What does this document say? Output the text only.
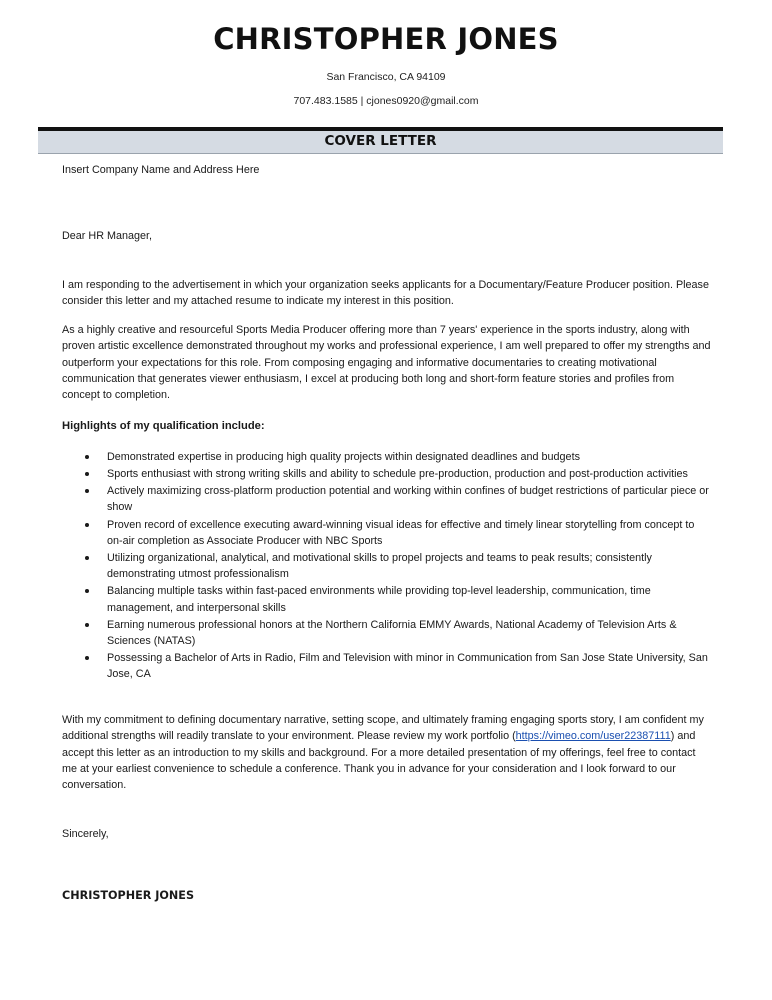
CHRISTOPHER JONES
San Francisco, CA 94109
707.483.1585 | cjones0920@gmail.com
COVER LETTER
Insert Company Name and Address Here
Dear HR Manager,
I am responding to the advertisement in which your organization seeks applicants for a Documentary/Feature Producer position. Please consider this letter and my attached resume to indicate my interest in this position.
As a highly creative and resourceful Sports Media Producer offering more than 7 years' experience in the sports industry, along with proven artistic excellence demonstrated throughout my works and professional experience, I am well prepared to offer my strengths and outperform your expectations for this role. From composing engaging and informative documentaries to creating motivational communication that generates viewer enthusiasm, I excel at producing both long and short-form feature stories and profiles from concept to completion.
Highlights of my qualification include:
Demonstrated expertise in producing high quality projects within designated deadlines and budgets
Sports enthusiast with strong writing skills and ability to schedule pre-production, production and post-production activities
Actively maximizing cross-platform production potential and working within confines of budget restrictions of particular piece or show
Proven record of excellence executing award-winning visual ideas for effective and timely linear storytelling from concept to on-air completion as Associate Producer with NBC Sports
Utilizing organizational, analytical, and motivational skills to propel projects and teams to peak results; consistently demonstrating utmost professionalism
Balancing multiple tasks within fast-paced environments while providing top-level leadership, communication, time management, and interpersonal skills
Earning numerous professional honors at the Northern California EMMY Awards, National Academy of Television Arts & Sciences (NATAS)
Possessing a Bachelor of Arts in Radio, Film and Television with minor in Communication from San Jose State University, San Jose, CA
With my commitment to defining documentary narrative, setting scope, and ultimately framing engaging sports story, I am confident my additional strengths will readily translate to your environment. Please review my work portfolio (https://vimeo.com/user22387111) and accept this letter as an introduction to my skills and background. For a more detailed presentation of my offerings, feel free to contact me at your earliest convenience to schedule a conference. Thank you in advance for your consideration and I look forward to our conversation.
Sincerely,
CHRISTOPHER JONES
